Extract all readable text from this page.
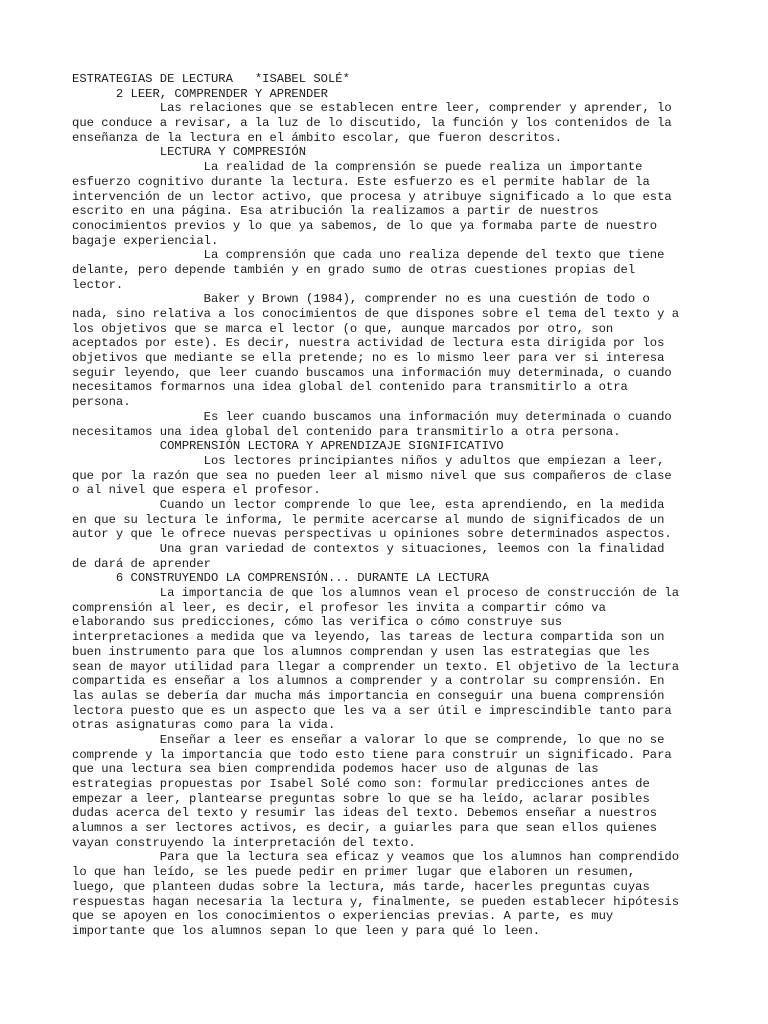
ESTRATEGIAS DE LECTURA   *ISABEL SOLÉ*
2 LEER, COMPRENDER Y APRENDER
Las relaciones que se establecen entre leer, comprender y aprender, lo
que conduce a revisar, a la luz de lo discutido, la función y los contenidos de la
enseñanza de la lectura en el ámbito escolar, que fueron descritos.
LECTURA Y COMPRESIÓN
La realidad de la comprensión se puede realiza un importante
esfuerzo cognitivo durante la lectura. Este esfuerzo es el permite hablar de la
intervención de un lector activo, que procesa y atribuye significado a lo que esta
escrito en una página. Esa atribución la realizamos a partir de nuestros
conocimientos previos y lo que ya sabemos, de lo que ya formaba parte de nuestro
bagaje experiencial.
La comprensión que cada uno realiza depende del texto que tiene
delante, pero depende también y en grado sumo de otras cuestiones propias del
lector.
Baker y Brown (1984), comprender no es una cuestión de todo o
nada, sino relativa a los conocimientos de que dispones sobre el tema del texto y a
los objetivos que se marca el lector (o que, aunque marcados por otro, son
aceptados por este). Es decir, nuestra actividad de lectura esta dirigida por los
objetivos que mediante se ella pretende; no es lo mismo leer para ver si interesa
seguir leyendo, que leer cuando buscamos una información muy determinada, o cuando
necesitamos formarnos una idea global del contenido para transmitirlo a otra
persona.
Es leer cuando buscamos una información muy determinada o cuando
necesitamos una idea global del contenido para transmitirlo a otra persona.
COMPRENSIÓN LECTORA Y APRENDIZAJE SIGNIFICATIVO
Los lectores principiantes niños y adultos que empiezan a leer,
que por la razón que sea no pueden leer al mismo nivel que sus compañeros de clase
o al nivel que espera el profesor.
Cuando un lector comprende lo que lee, esta aprendiendo, en la medida
en que su lectura le informa, le permite acercarse al mundo de significados de un
autor y que le ofrece nuevas perspectivas u opiniones sobre determinados aspectos.
Una gran variedad de contextos y situaciones, leemos con la finalidad
de dará de aprender
6 CONSTRUYENDO LA COMPRENSIÓN... DURANTE LA LECTURA
La importancia de que los alumnos vean el proceso de construcción de la
comprensión al leer, es decir, el profesor les invita a compartir cómo va
elaborando sus predicciones, cómo las verifica o cómo construye sus
interpretaciones a medida que va leyendo, las tareas de lectura compartida son un
buen instrumento para que los alumnos comprendan y usen las estrategias que les
sean de mayor utilidad para llegar a comprender un texto. El objetivo de la lectura
compartida es enseñar a los alumnos a comprender y a controlar su comprensión. En
las aulas se debería dar mucha más importancia en conseguir una buena comprensión
lectora puesto que es un aspecto que les va a ser útil e imprescindible tanto para
otras asignaturas como para la vida.
Enseñar a leer es enseñar a valorar lo que se comprende, lo que no se
comprende y la importancia que todo esto tiene para construir un significado. Para
que una lectura sea bien comprendida podemos hacer uso de algunas de las
estrategias propuestas por Isabel Solé como son: formular predicciones antes de
empezar a leer, plantearse preguntas sobre lo que se ha leído, aclarar posibles
dudas acerca del texto y resumir las ideas del texto. Debemos enseñar a nuestros
alumnos a ser lectores activos, es decir, a guiarles para que sean ellos quienes
vayan construyendo la interpretación del texto.
Para que la lectura sea eficaz y veamos que los alumnos han comprendido
lo que han leído, se les puede pedir en primer lugar que elaboren un resumen,
luego, que planteen dudas sobre la lectura, más tarde, hacerles preguntas cuyas
respuestas hagan necesaria la lectura y, finalmente, se pueden establecer hipótesis
que se apoyen en los conocimientos o experiencias previas. A parte, es muy
importante que los alumnos sepan lo que leen y para qué lo leen.
